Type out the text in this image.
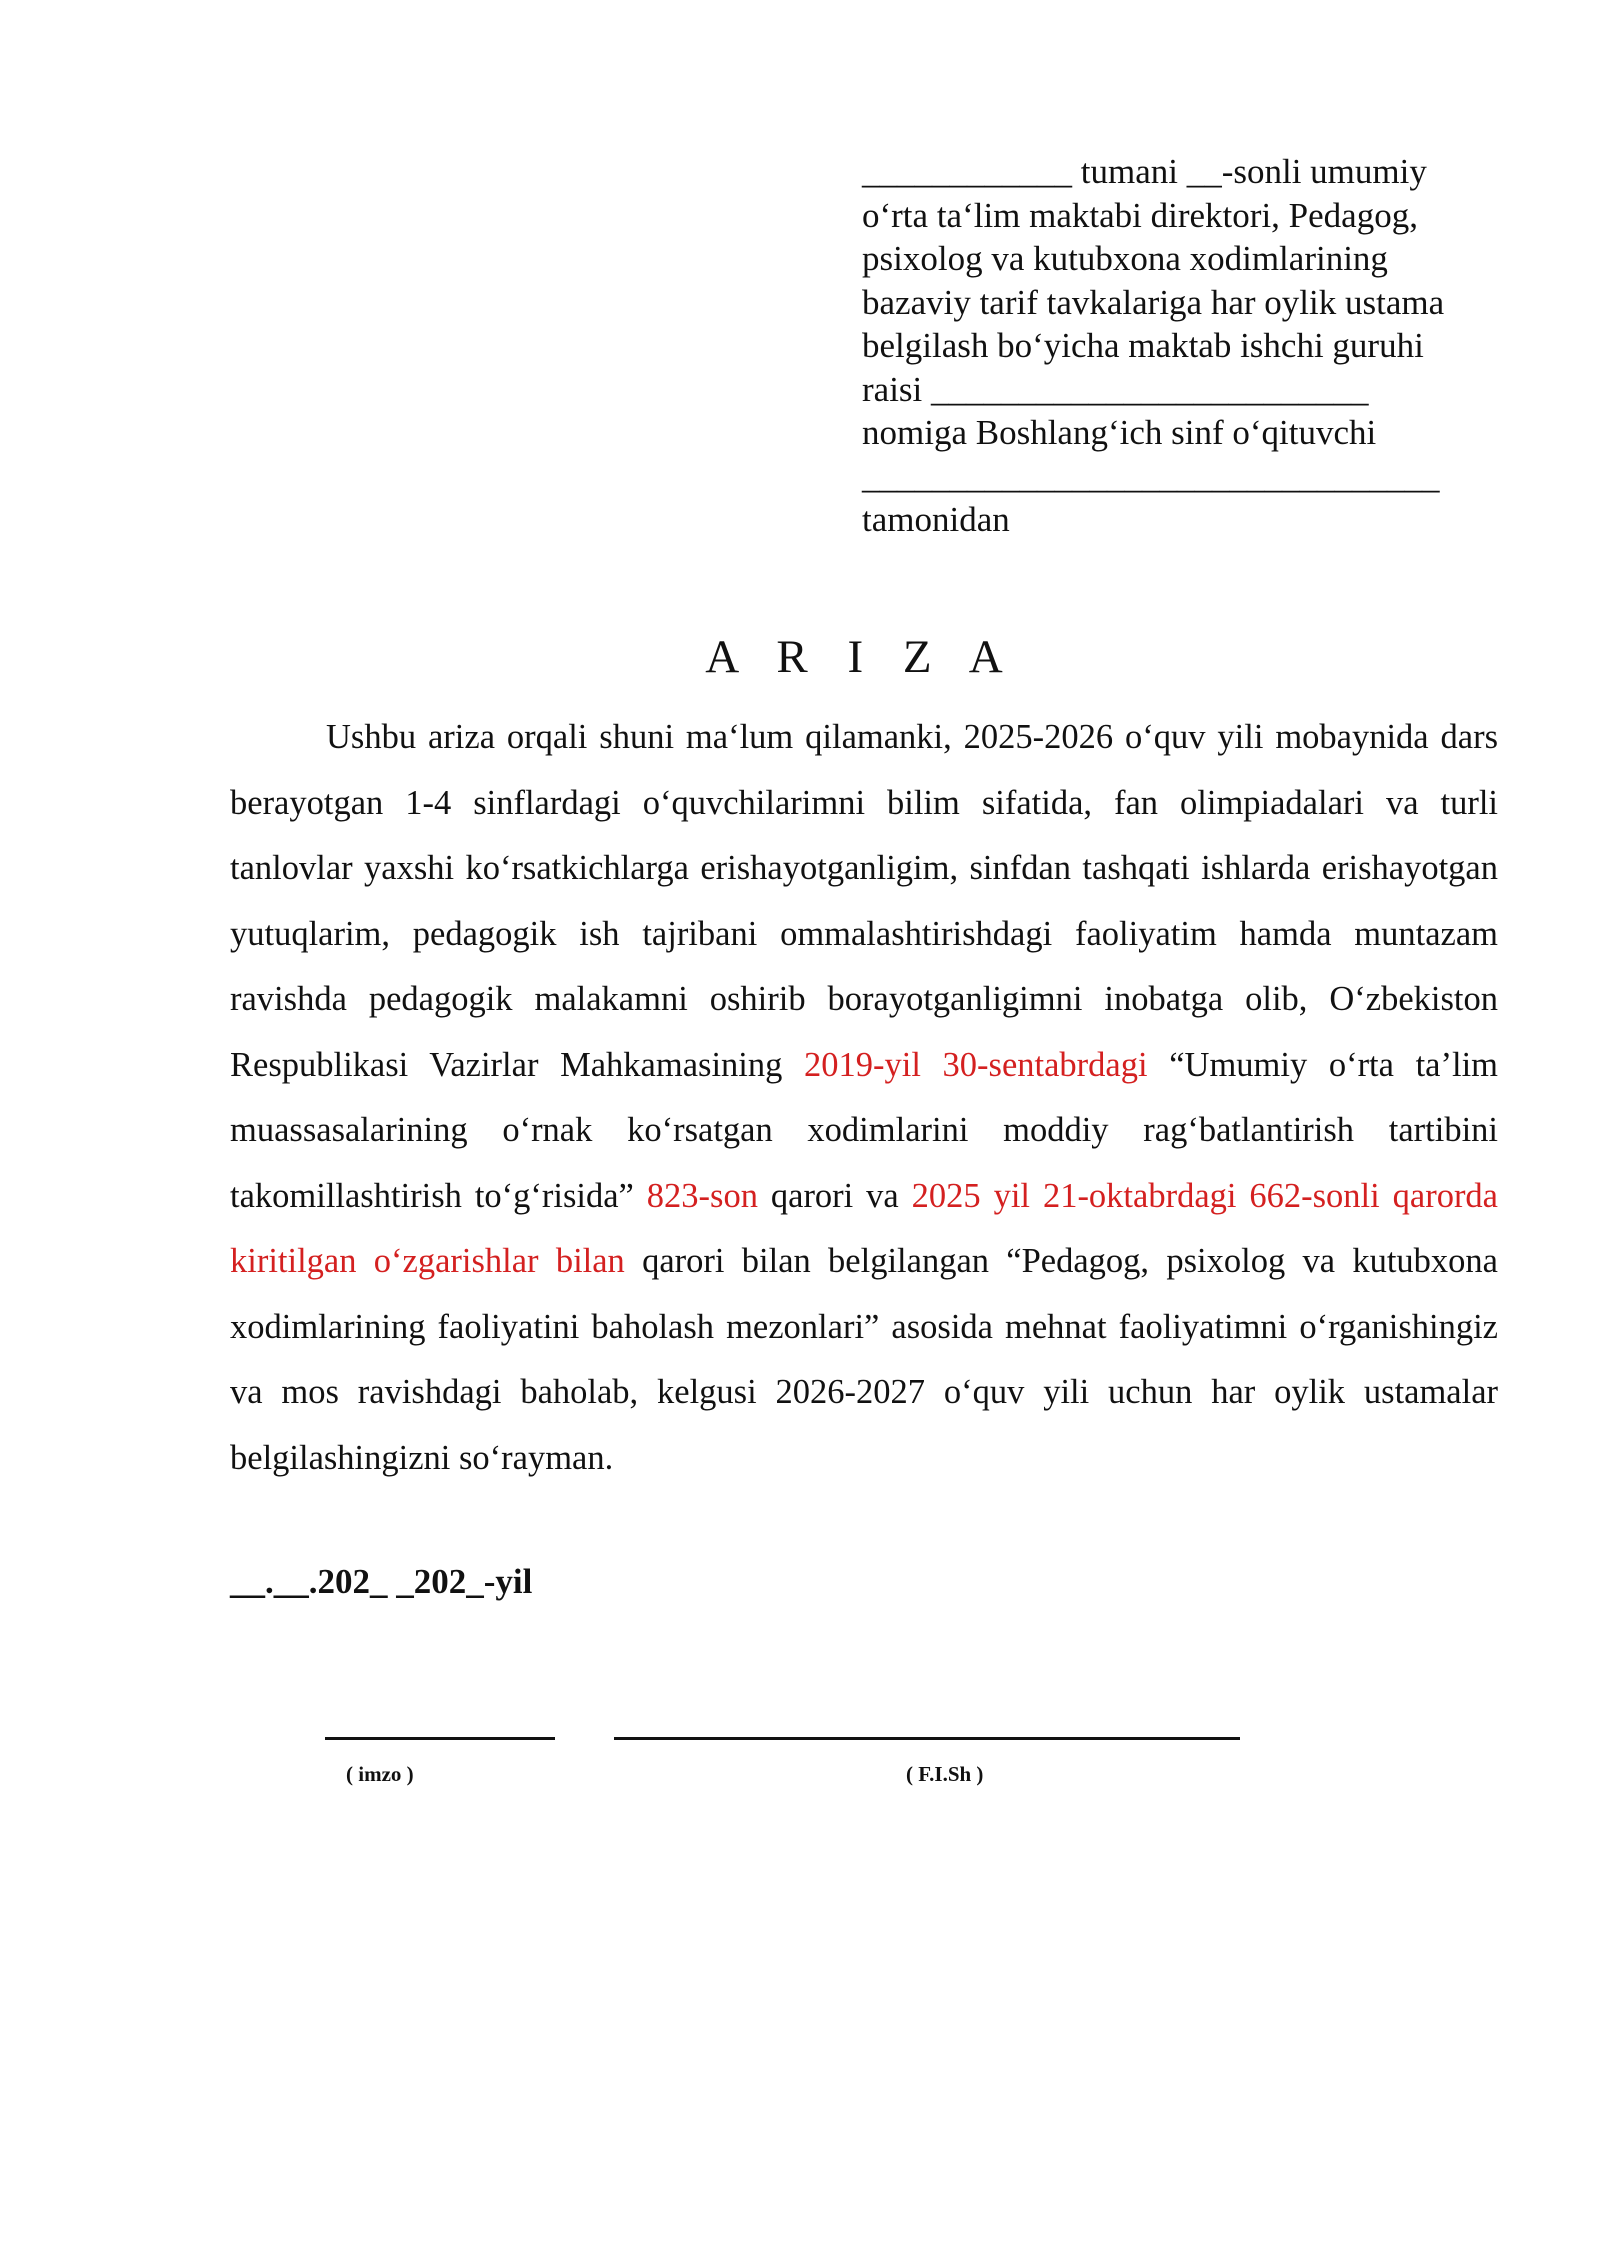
____________ tumani __-sonli umumiy
o‘rta ta‘lim maktabi direktori, Pedagog,
psixolog va kutubxona xodimlarining
bazaviy tarif tavkalariga har oylik ustama
belgilash bo‘yicha maktab ishchi guruhi
raisi _________________________
nomiga Boshlang‘ich sinf o‘qituvchi
_________________________________
tamonidan
A R I Z A

Ushbu ariza orqali shuni ma‘lum qilamanki, 2025-2026 o‘quv yili mobaynida dars berayotgan 1-4 sinflardagi o‘quvchilarimni bilim sifatida, fan olimpiadalari va turli tanlovlar yaxshi ko‘rsatkichlarga erishayotganligim, sinfdan tashqati ishlarda erishayotgan yutuqlarim, pedagogik ish tajribani ommalashtirishdagi faoliyatim hamda muntazam ravishda pedagogik malakamni oshirib borayotganligimni inobatga olib, O‘zbekiston Respublikasi Vazirlar Mahkamasining 2019-yil 30-sentabrdagi “Umumiy o‘rta ta’lim muassasalarining o‘rnak ko‘rsatgan xodimlarini moddiy rag‘batlantirish tartibini takomillashtirish to‘g‘risida” 823-son qarori va 2025 yil 21-oktabrdagi 662-sonli qarorda kiritilgan o‘zgarishlar bilan qarori bilan belgilangan “Pedagog, psixolog va kutubxona xodimlarining faoliyatini baholash mezonlari” asosida mehnat faoliyatimni o‘rganishingiz va mos ravishdagi baholab, kelgusi 2026-2027 o‘quv yili uchun har oylik ustamalar belgilashingizni so‘rayman.

__.__.202_ _202_-yil
( imzo )	( F.I.Sh )
